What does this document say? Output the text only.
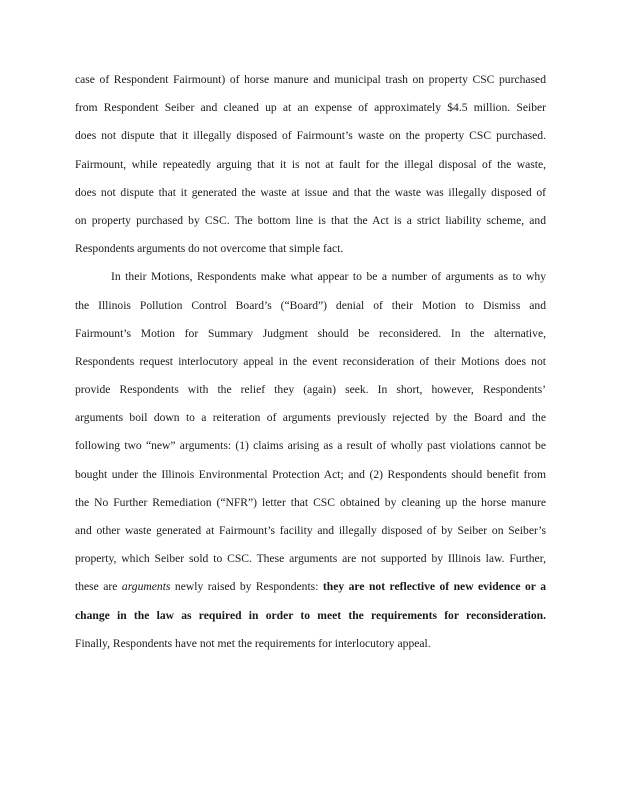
case of Respondent Fairmount) of horse manure and municipal trash on property CSC purchased
from Respondent Seiber and cleaned up at an expense of approximately $4.5 million. Seiber
does not dispute that it illegally disposed of Fairmount’s waste on the property CSC purchased.
Fairmount, while repeatedly arguing that it is not at fault for the illegal disposal of the waste,
does not dispute that it generated the waste at issue and that the waste was illegally disposed of
on property purchased by CSC. The bottom line is that the Act is a strict liability scheme, and
Respondents arguments do not overcome that simple fact.
In their Motions, Respondents make what appear to be a number of arguments as to why
the Illinois Pollution Control Board’s (“Board”) denial of their Motion to Dismiss and
Fairmount’s Motion for Summary Judgment should be reconsidered. In the alternative,
Respondents request interlocutory appeal in the event reconsideration of their Motions does not
provide Respondents with the relief they (again) seek. In short, however, Respondents’
arguments boil down to a reiteration of arguments previously rejected by the Board and the
following two “new” arguments: (1) claims arising as a result of wholly past violations cannot be
bought under the Illinois Environmental Protection Act; and (2) Respondents should benefit from
the No Further Remediation (“NFR”) letter that CSC obtained by cleaning up the horse manure
and other waste generated at Fairmount’s facility and illegally disposed of by Seiber on Seiber’s
property, which Seiber sold to CSC. These arguments are not supported by Illinois law. Further,
these are arguments newly raised by Respondents: they are not reflective of new evidence or a
change in the law as required in order to meet the requirements for reconsideration.
Finally, Respondents have not met the requirements for interlocutory appeal.
